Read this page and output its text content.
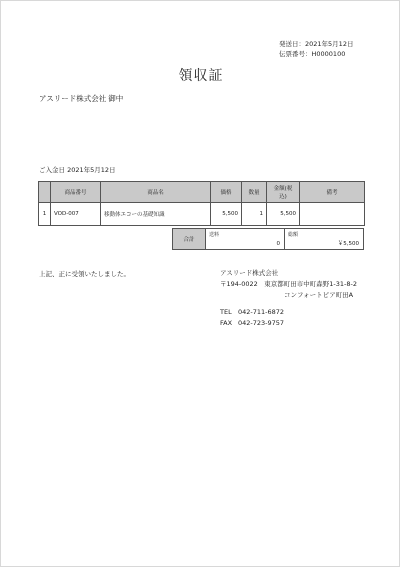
発送日：2021年5月12日
伝票番号：H0000100
領収証
アスリード株式会社 御中
ご入金日 2021年5月12日
	商品番号	商品名	価格	数量	金額(税込)	備考
1	VOD-007	移動体エコーの基礎知識	5,500	1	5,500	
合計
送料
0
総額
￥5,500
上記、正に受領いたしました。	アスリード株式会社
〒194-0022　東京都町田市中町森野1-31-8-2
コンフォートピア町田A
TEL 042-711-6872
FAX 042-723-9757
